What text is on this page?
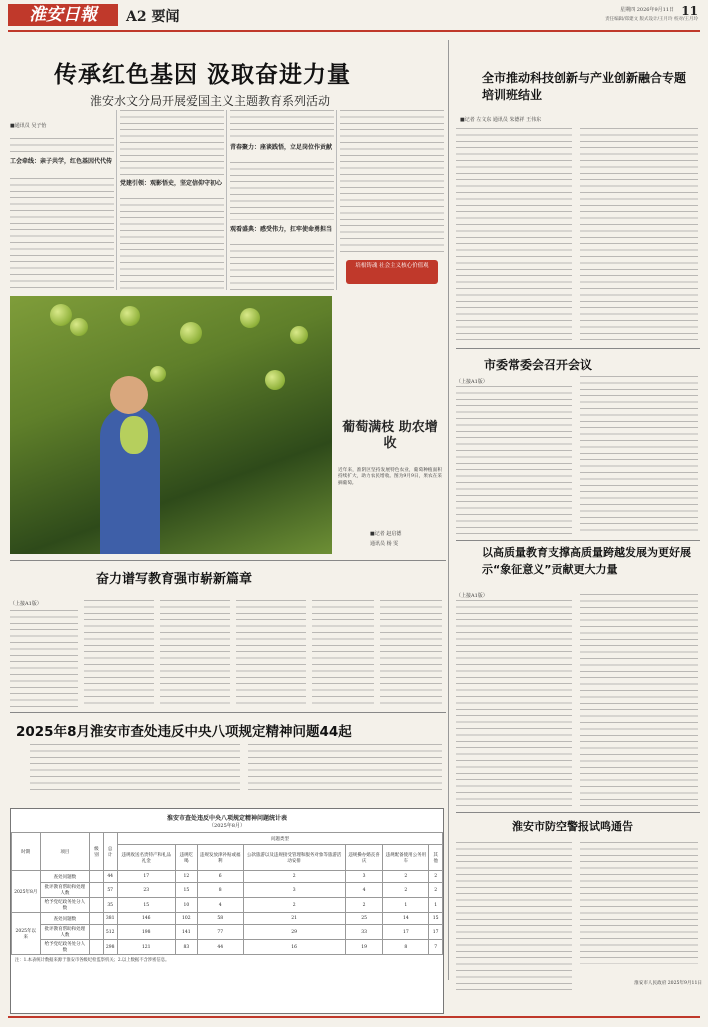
淮安日報	A2 要闻	11
星期四 2026年9月11日
责任编辑/郑建文 版式设计/王月玲 校对/王月玲
传承红色基因 汲取奋进力量
淮安水文分局开展爱国主义主题教育系列活动
■通讯员 吴子怡
工会牵线：亲子共学，红色基因代代传
党建引领：观影悟史，坚定信仰守初心
青春聚力：座谈践悟，立足岗位作贡献
观看盛典：感受伟力，扛牢使命勇担当
培根铸魂 社会主义核心价值观
葡萄满枝 助农增收
近年来，淮阴区坚持发展特色农业，葡萄种植面积持续扩大，助力农民增收。图为9月9日，果农在采摘葡萄。
■记者 赵启德
通讯员 杨 雯
奋力谱写教育强市崭新篇章
（上接A1版）
2025年8月淮安市查处违反中央八项规定精神问题44起
淮安市查处违反中央八项规定精神问题统计表
（2025年8月）
时期	项目	级别	总计	问题类型						
				违规收送名贵特产和礼品礼金	违规吃喝	违规发放津补贴或福利	公款旅游以及违规接受管理和服务对象等旅游活动安排	违规操办婚丧喜庆	违规配备使用公务用车	其他
2025年8月	查处问题数		44	17	12	6	2	3	2	2
	批评教育帮助和处理人数		57	23	15	8	3	4	2	2
	给予党纪政务处分人数		35	15	10	4	2	2	1	1
2025年以来	查处问题数		381	146	102	58	21	25	14	15
	批评教育帮助和处理人数		512	198	141	77	29	33	17	17
	给予党纪政务处分人数		298	121	83	44	16	19	8	7
注：1.本表统计数据来源于淮安市各级纪检监察机关；2.以上数据不含涉密信息。
全市推动科技创新与产业创新融合专题培训班结业
■记者 左文东 通讯员 朱德祥 王伟东
市委常委会召开会议
（上接A1版）
以高质量教育支撑高质量跨越发展为更好展示“象征意义”贡献更大力量
（上接A1版）
淮安市防空警报试鸣通告
淮安市人民政府 2025年9月11日
